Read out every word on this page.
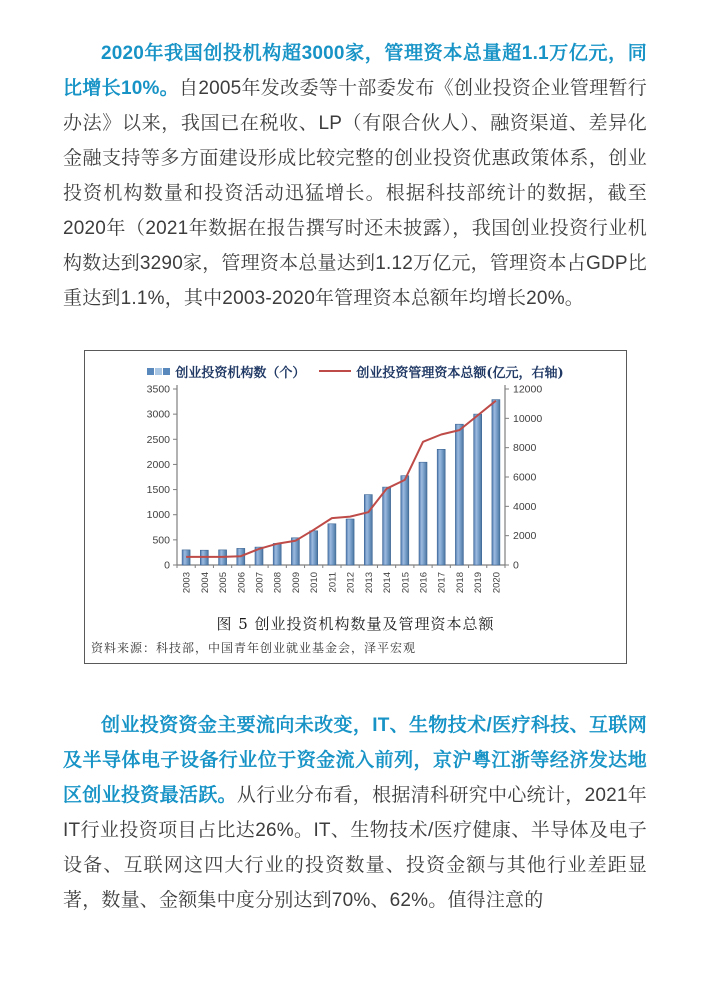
2020年我国创投机构超3000家，管理资本总量超1.1万亿元，同比增长10%。自2005年发改委等十部委发布《创业投资企业管理暂行办法》以来，我国已在税收、LP（有限合伙人）、融资渠道、差异化金融支持等多方面建设形成比较完整的创业投资优惠政策体系，创业投资机构数量和投资活动迅猛增长。根据科技部统计的数据，截至2020年（2021年数据在报告撰写时还未披露），我国创业投资行业机构数达到3290家，管理资本总量达到1.12万亿元，管理资本占GDP比重达到1.1%，其中2003-2020年管理资本总额年均增长20%。

创业投资机构数（个）	创业投资管理资本总额(亿元，右轴)
0
500
1000
1500
2000
2500
3000
3500
0
2000
4000
6000
8000
10000
12000
2003 2004 2005 2006 2007 2008 2009 2010 2011 2012 2013 2014 2015 2016 2017 2018 2019 2020
图 5 创业投资机构数量及管理资本总额
资料来源：科技部，中国青年创业就业基金会，泽平宏观

创业投资资金主要流向未改变，IT、生物技术/医疗科技、互联网及半导体电子设备行业位于资金流入前列，京沪粤江浙等经济发达地区创业投资最活跃。从行业分布看，根据清科研究中心统计，2021年IT行业投资项目占比达26%。IT、生物技术/医疗健康、半导体及电子设备、互联网这四大行业的投资数量、投资金额与其他行业差距显著，数量、金额集中度分别达到70%、62%。值得注意的
